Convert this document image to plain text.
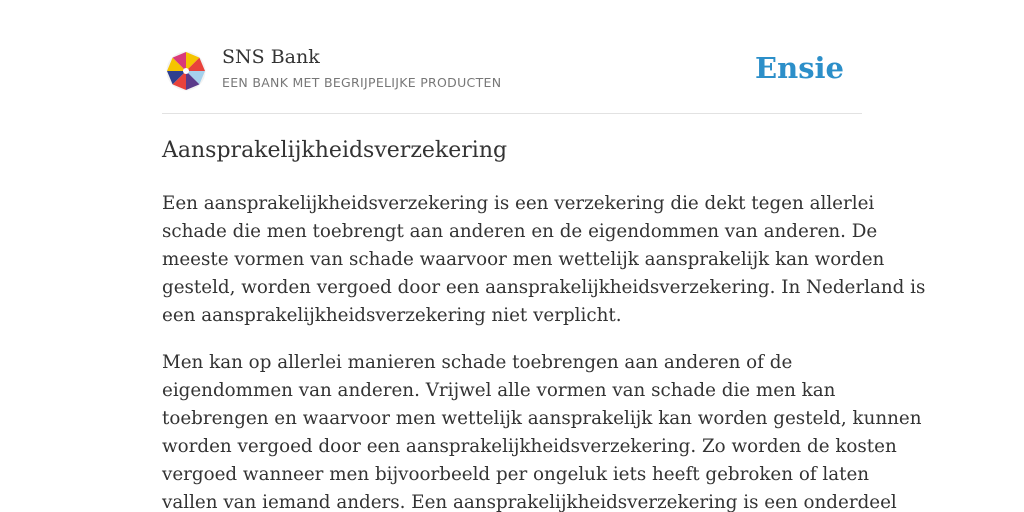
SNS Bank
EEN BANK MET BEGRIJPELIJKE PRODUCTEN	Ensie
Aansprakelijkheidsverzekering

Een aansprakelijkheidsverzekering is een verzekering die dekt tegen allerlei
schade die men toebrengt aan anderen en de eigendommen van anderen. De
meeste vormen van schade waarvoor men wettelijk aansprakelijk kan worden
gesteld, worden vergoed door een aansprakelijkheidsverzekering. In Nederland is
een aansprakelijkheidsverzekering niet verplicht.

Men kan op allerlei manieren schade toebrengen aan anderen of de
eigendommen van anderen. Vrijwel alle vormen van schade die men kan
toebrengen en waarvoor men wettelijk aansprakelijk kan worden gesteld, kunnen
worden vergoed door een aansprakelijkheidsverzekering. Zo worden de kosten
vergoed wanneer men bijvoorbeeld per ongeluk iets heeft gebroken of laten
vallen van iemand anders. Een aansprakelijkheidsverzekering is een onderdeel
